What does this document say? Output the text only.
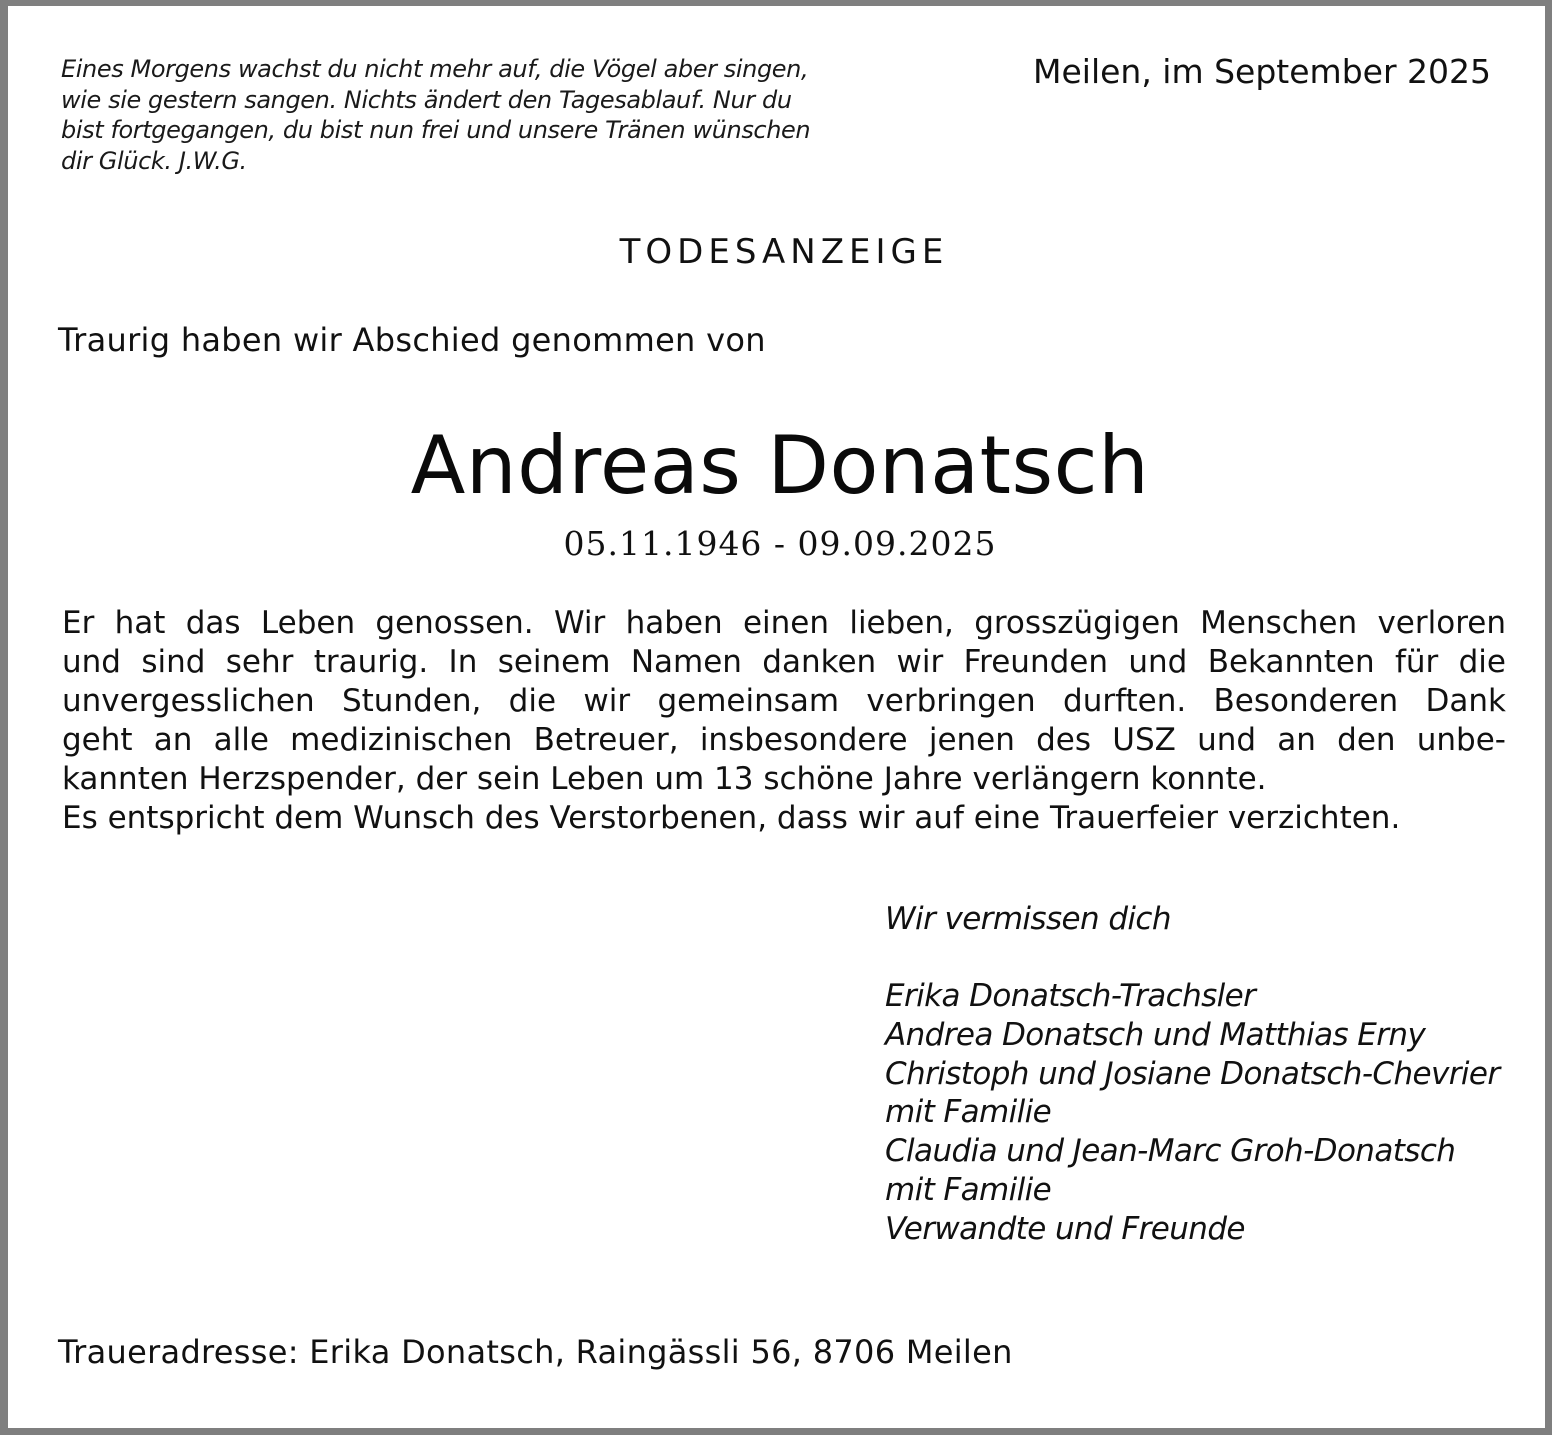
Eines Morgens wachst du nicht mehr auf, die Vögel aber singen,
wie sie gestern sangen. Nichts ändert den Tagesablauf. Nur du
bist fortgegangen, du bist nun frei und unsere Tränen wünschen
dir Glück. J.W.G.
Meilen, im September 2025
TODESANZEIGE
Traurig haben wir Abschied genommen von
Andreas Donatsch
05.11.1946 - 09.09.2025
Er hat das Leben genossen. Wir haben einen lieben, grosszügigen Menschen verloren
und sind sehr traurig. In seinem Namen danken wir Freunden und Bekannten für die
unvergesslichen Stunden, die wir gemeinsam verbringen durften. Besonderen Dank
geht an alle medizinischen Betreuer, insbesondere jenen des USZ und an den unbe-
kannten Herzspender, der sein Leben um 13 schöne Jahre verlängern konnte.
Es entspricht dem Wunsch des Verstorbenen, dass wir auf eine Trauerfeier verzichten.
Wir vermissen dich
Erika Donatsch-Trachsler
Andrea Donatsch und Matthias Erny
Christoph und Josiane Donatsch-Chevrier
mit Familie
Claudia und Jean-Marc Groh-Donatsch
mit Familie
Verwandte und Freunde
Traueradresse: Erika Donatsch, Raingässli 56, 8706 Meilen
